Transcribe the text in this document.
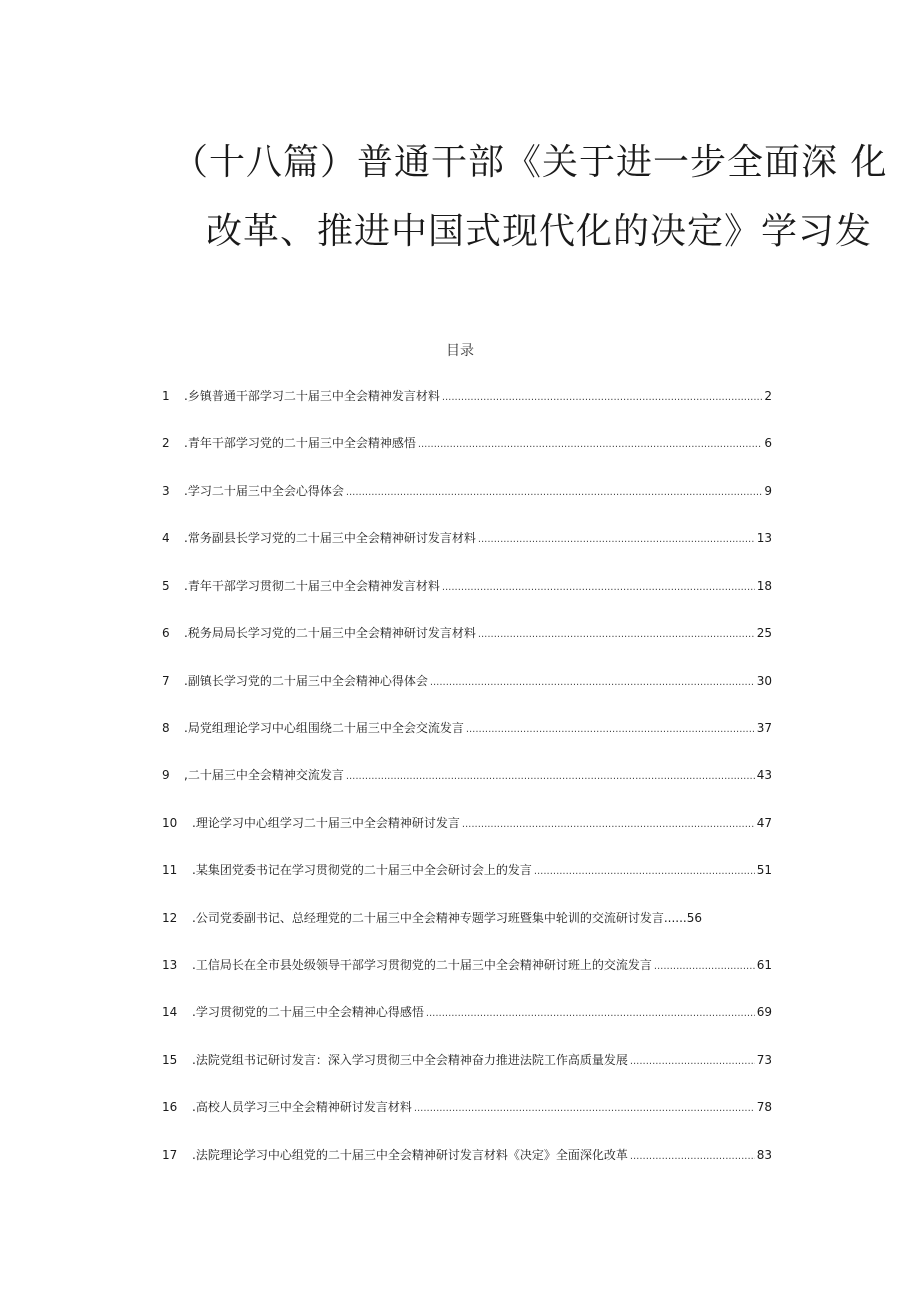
（十八篇）普通干部《关于进一步全面深 化
改革、推进中国式现代化的决定》学习发
目录
1	.乡镇普通干部学习二十届三中全会精神发言材料 .....	2
2	.青年干部学习党的二十届三中全会精神感悟 .....	6
3	.学习二十届三中全会心得体会 .....	9
4	.常务副县长学习党的二十届三中全会精神研讨发言材料 .....	13
5	.青年干部学习贯彻二十届三中全会精神发言材料 .....	18
6	.税务局局长学习党的二十届三中全会精神研讨发言材料 .....	25
7	.副镇长学习党的二十届三中全会精神心得体会 .....	30
8	.局党组理论学习中心组围绕二十届三中全会交流发言 .....	37
9	,二十届三中全会精神交流发言 .....	43
10	.理论学习中心组学习二十届三中全会精神研讨发言 .....	47
11	.某集团党委书记在学习贯彻党的二十届三中全会研讨会上的发言 .....	51
12	.公司党委副书记、总经理党的二十届三中全会精神专题学习班暨集中轮训的交流研讨发言...... 56
13	.工信局长在全市县处级领导干部学习贯彻党的二十届三中全会精神研讨班上的交流发言 .....	61
14	.学习贯彻党的二十届三中全会精神心得感悟 .....	69
15	.法院党组书记研讨发言：深入学习贯彻三中全会精神奋力推进法院工作高质量发展 .....	73
16	.高校人员学习三中全会精神研讨发言材料 .....	78
17	.法院理论学习中心组党的二十届三中全会精神研讨发言材料《决定》全面深化改革 .....	83
